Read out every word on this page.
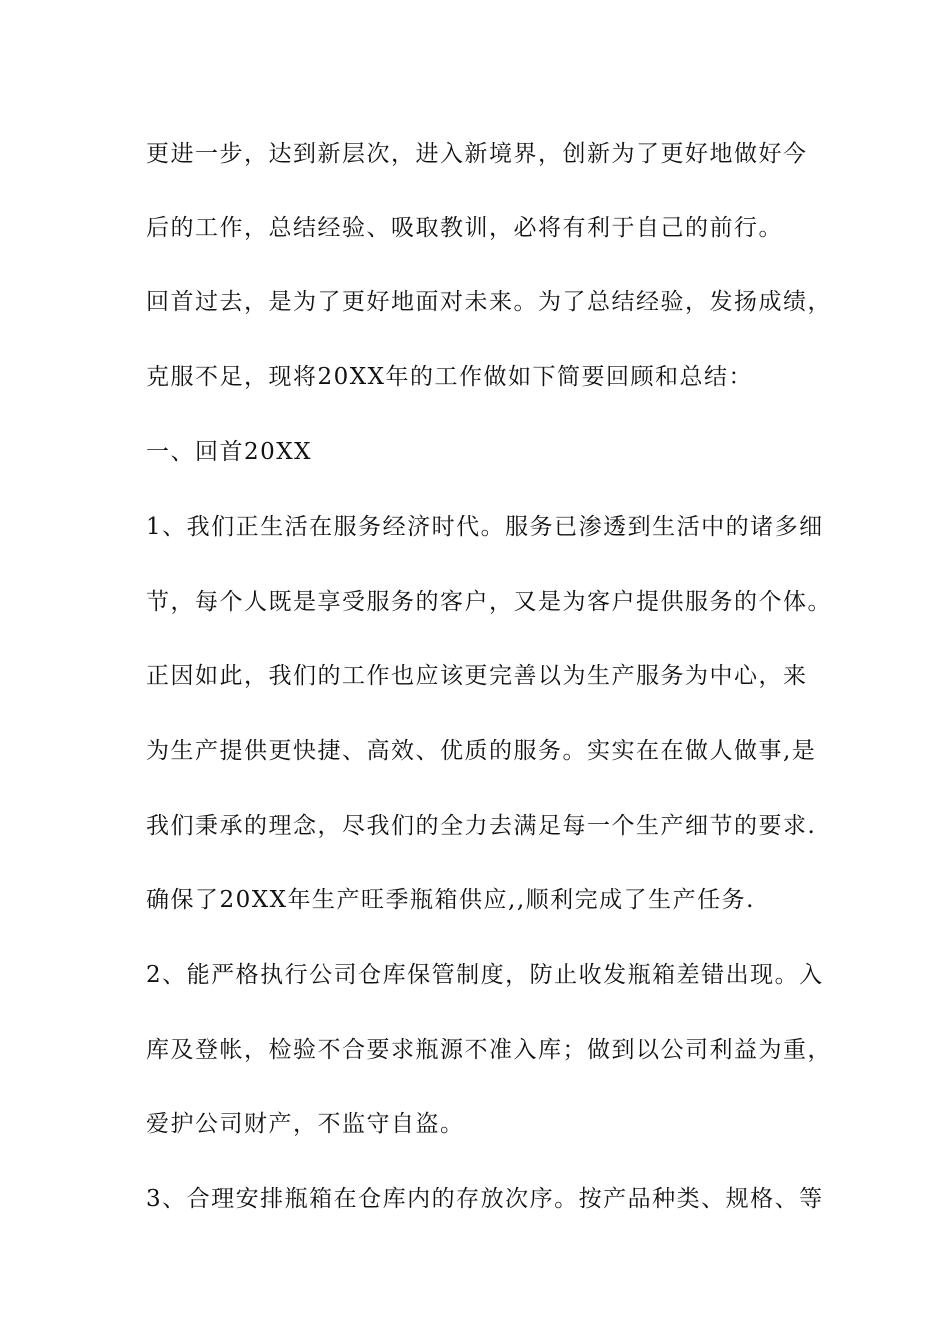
更进一步，达到新层次，进入新境界，创新为了更好地做好今
后的工作，总结经验、吸取教训，必将有利于自己的前行。
回首过去，是为了更好地面对未来。为了总结经验，发扬成绩，
克服不足，现将20XX年的工作做如下简要回顾和总结：
一、回首20XX
1、我们正生活在服务经济时代。服务已渗透到生活中的诸多细
节，每个人既是享受服务的客户，又是为客户提供服务的个体。
正因如此，我们的工作也应该更完善以为生产服务为中心，来
为生产提供更快捷、高效、优质的服务。实实在在做人做事,是
我们秉承的理念，尽我们的全力去满足每一个生产细节的要求.
确保了20XX年生产旺季瓶箱供应,,顺利完成了生产任务.
2、能严格执行公司仓库保管制度，防止收发瓶箱差错出现。入
库及登帐，检验不合要求瓶源不准入库；做到以公司利益为重，
爱护公司财产，不监守自盗。
3、合理安排瓶箱在仓库内的存放次序。按产品种类、规格、等
